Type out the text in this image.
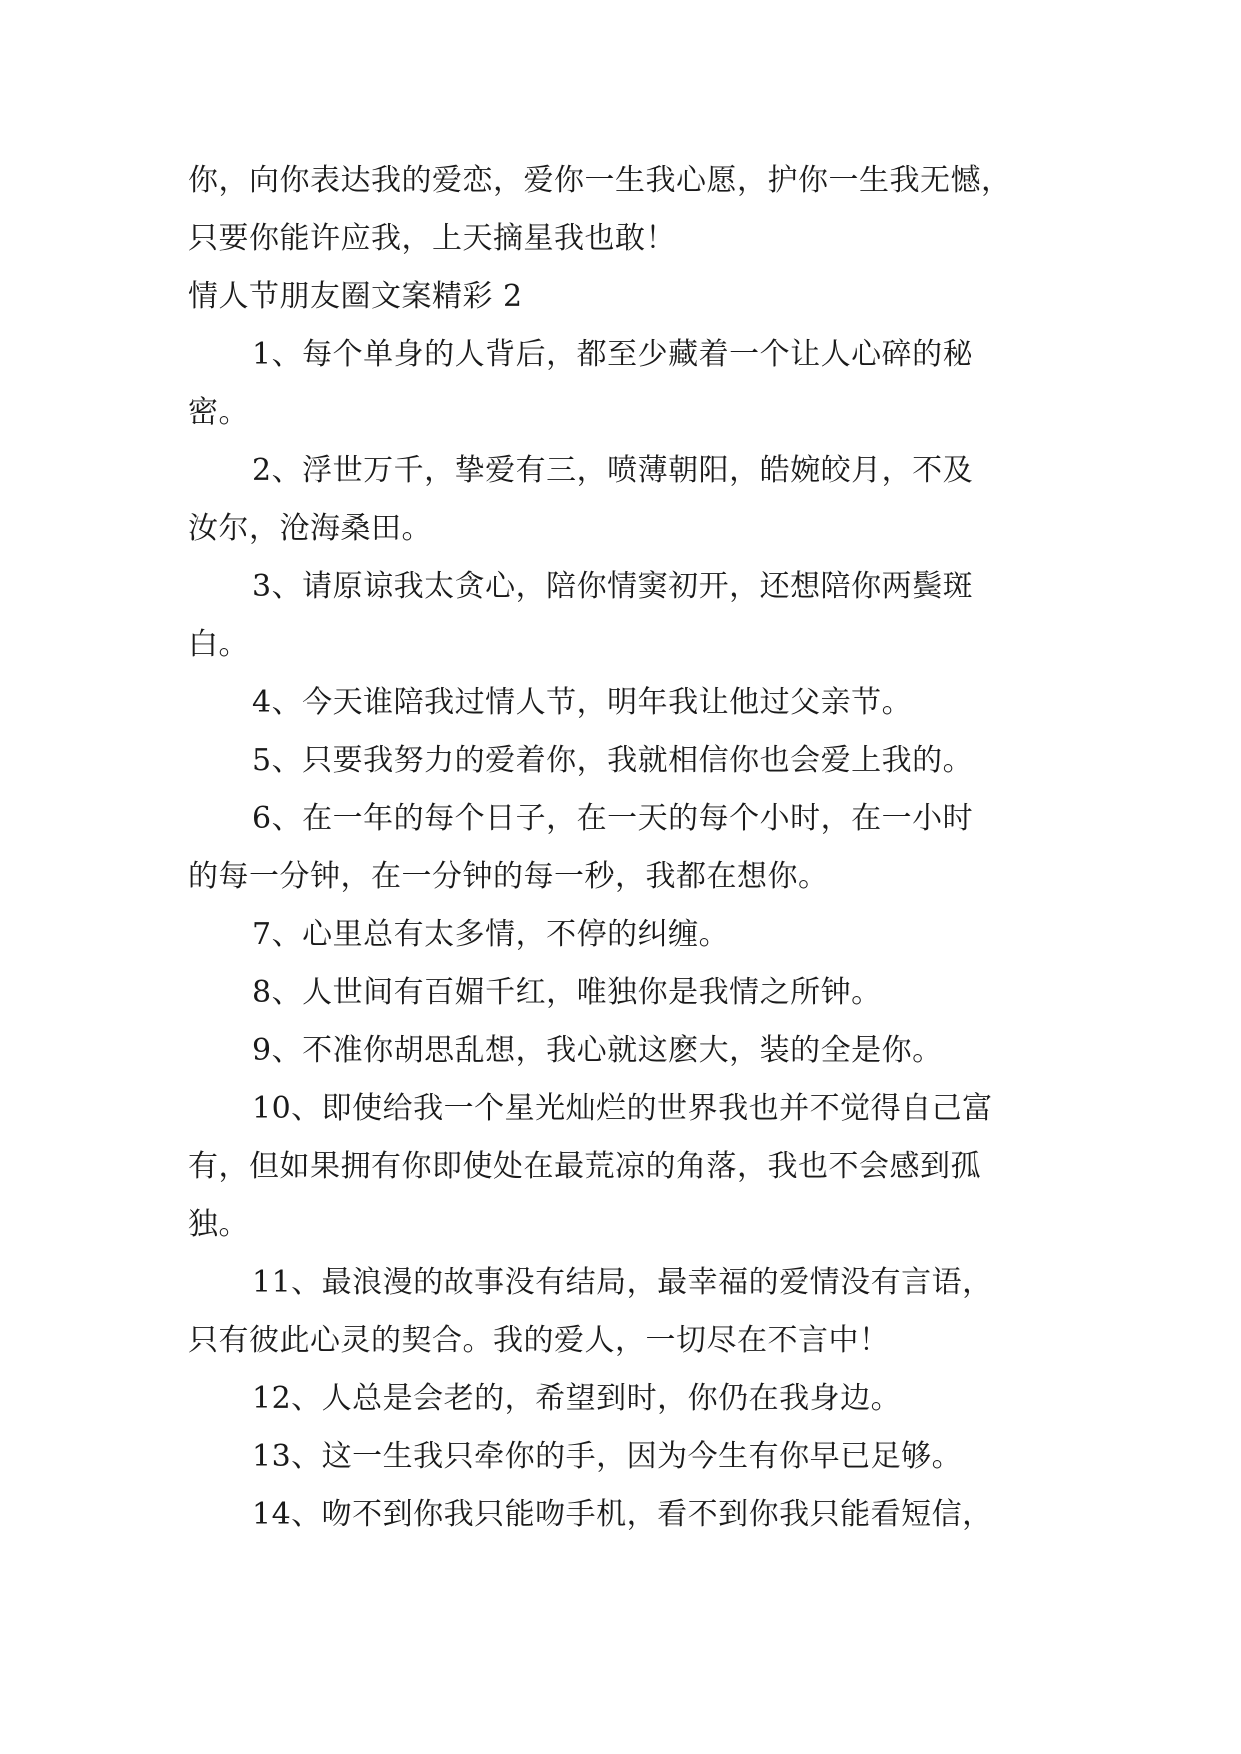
你，向你表达我的爱恋，爱你一生我心愿，护你一生我无憾，
只要你能许应我，上天摘星我也敢！
情人节朋友圈文案精彩 2
1、每个单身的人背后，都至少藏着一个让人心碎的秘
密。
2、浮世万千，挚爱有三，喷薄朝阳，皓婉皎月，不及
汝尔，沧海桑田。
3、请原谅我太贪心，陪你情窦初开，还想陪你两鬓斑
白。
4、今天谁陪我过情人节，明年我让他过父亲节。
5、只要我努力的爱着你，我就相信你也会爱上我的。
6、在一年的每个日子，在一天的每个小时，在一小时
的每一分钟，在一分钟的每一秒，我都在想你。
7、心里总有太多情，不停的纠缠。
8、人世间有百媚千红，唯独你是我情之所钟。
9、不准你胡思乱想，我心就这麽大，装的全是你。
10、即使给我一个星光灿烂的世界我也并不觉得自己富
有，但如果拥有你即使处在最荒凉的角落，我也不会感到孤
独。
11、最浪漫的故事没有结局，最幸福的爱情没有言语，
只有彼此心灵的契合。我的爱人，一切尽在不言中！
12、人总是会老的，希望到时，你仍在我身边。
13、这一生我只牵你的手，因为今生有你早已足够。
14、吻不到你我只能吻手机，看不到你我只能看短信，
